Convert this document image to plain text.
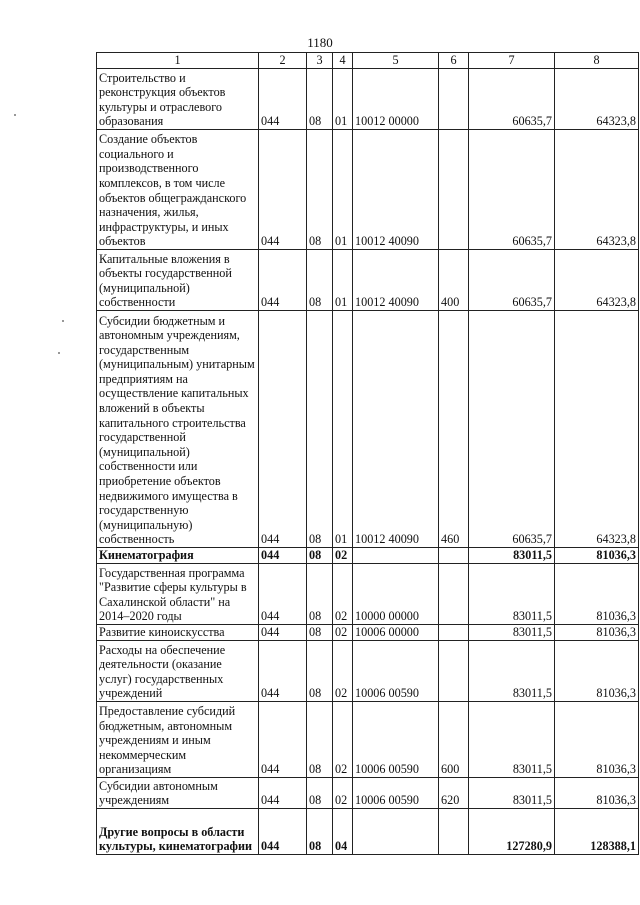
1180
1	2	3	4	5	6	7	8
Строительство и реконструкция объектов культуры и отраслевого образования	044	08	01	10012 00000		60635,7	64323,8
Создание объектов социального и производственного комплексов, в том числе объектов общегражданского назначения, жилья, инфраструктуры, и иных объектов	044	08	01	10012 40090		60635,7	64323,8
Капитальные вложения в объекты государственной (муниципальной) собственности	044	08	01	10012 40090	400	60635,7	64323,8
Субсидии бюджетным и автономным учреждениям, государственным (муниципальным) унитарным предприятиям на осуществление капитальных вложений в объекты капитального строительства государственной (муниципальной) собственности или приобретение объектов недвижимого имущества в государственную (муниципальную) собственность	044	08	01	10012 40090	460	60635,7	64323,8
Кинематография	044	08	02			83011,5	81036,3
Государственная программа "Развитие сферы культуры в Сахалинской области" на 2014–2020 годы	044	08	02	10000 00000		83011,5	81036,3
Развитие киноискусства	044	08	02	10006 00000		83011,5	81036,3
Расходы на обеспечение деятельности (оказание услуг) государственных учреждений	044	08	02	10006 00590		83011,5	81036,3
Предоставление субсидий бюджетным, автономным учреждениям и иным некоммерческим организациям	044	08	02	10006 00590	600	83011,5	81036,3
Субсидии автономным учреждениям	044	08	02	10006 00590	620	83011,5	81036,3
Другие вопросы в области культуры, кинематографии	044	08	04			127280,9	128388,1
